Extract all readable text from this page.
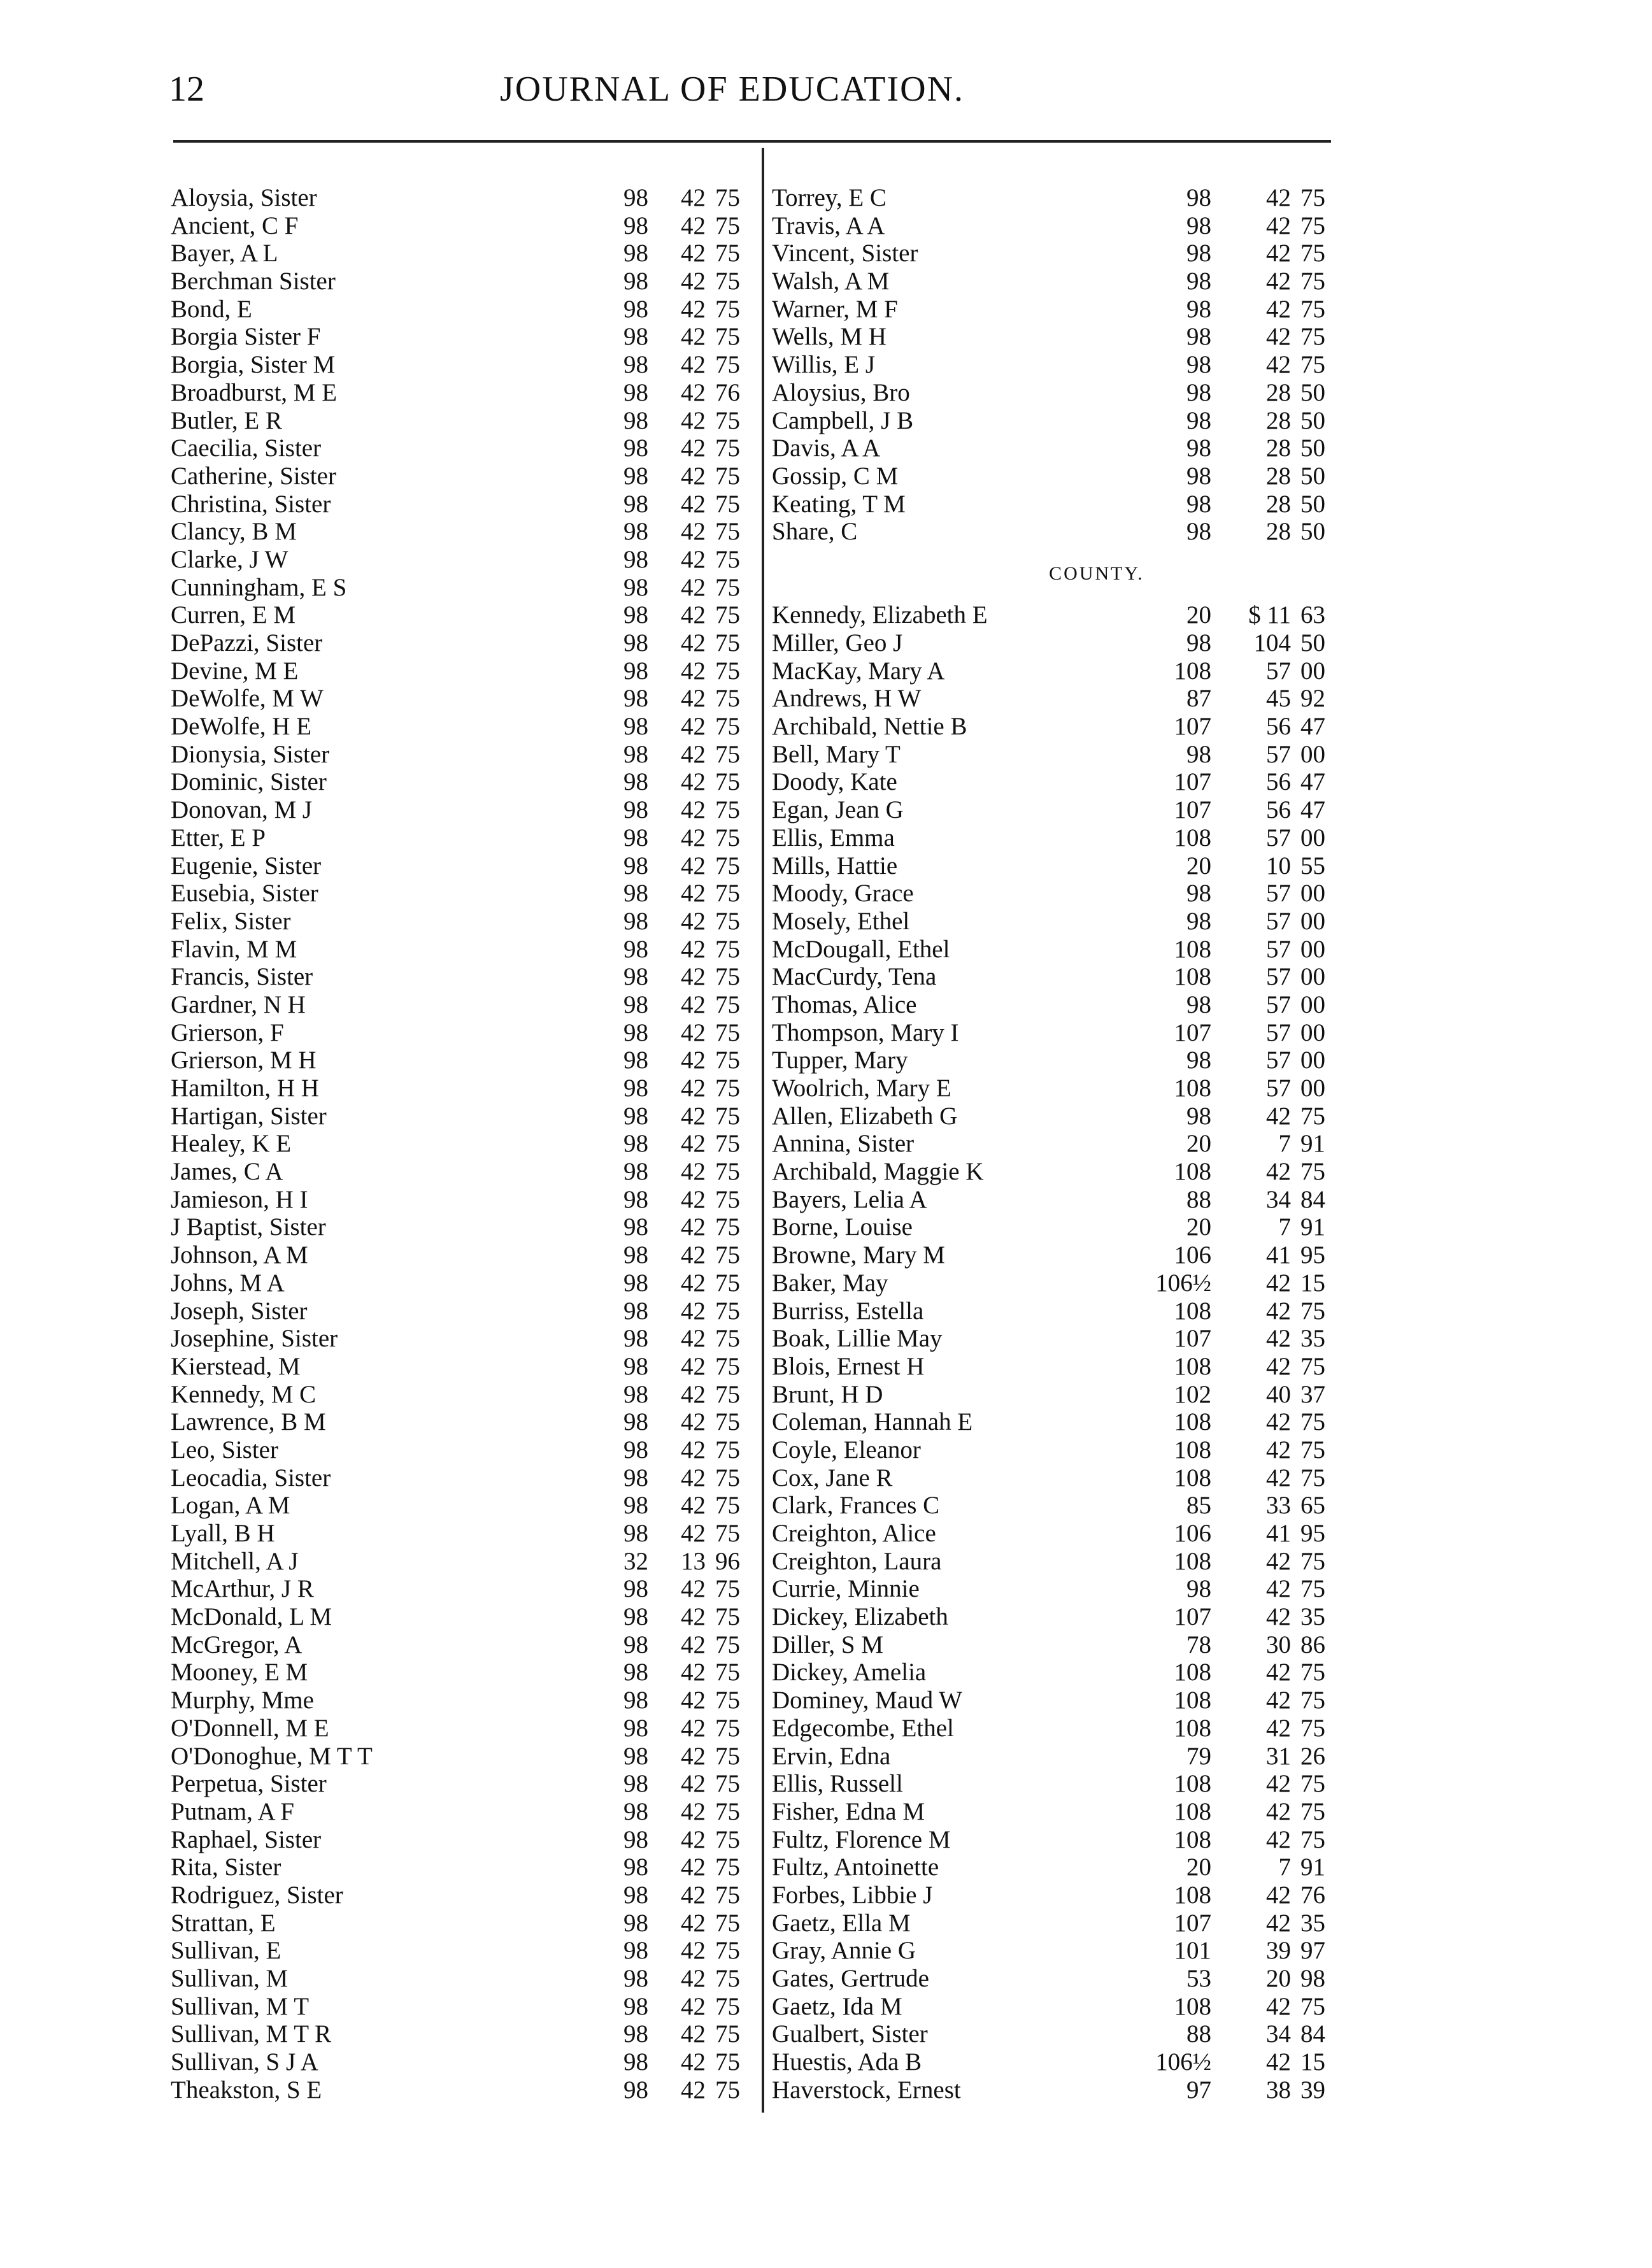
12	JOURNAL OF EDUCATION.
Aloysia, Sister	98	42 75
Ancient, C F	98	42 75
Bayer, A L	98	42 75
Berchman Sister	98	42 75
Bond, E	98	42 75
Borgia Sister F	98	42 75
Borgia, Sister M	98	42 75
Broadburst, M E	98	42 76
Butler, E R	98	42 75
Caecilia, Sister	98	42 75
Catherine, Sister	98	42 75
Christina, Sister	98	42 75
Clancy, B M	98	42 75
Clarke, J W	98	42 75
Cunningham, E S	98	42 75
Curren, E M	98	42 75
DePazzi, Sister	98	42 75
Devine, M E	98	42 75
DeWolfe, M W	98	42 75
DeWolfe, H E	98	42 75
Dionysia, Sister	98	42 75
Dominic, Sister	98	42 75
Donovan, M J	98	42 75
Etter, E P	98	42 75
Eugenie, Sister	98	42 75
Eusebia, Sister	98	42 75
Felix, Sister	98	42 75
Flavin, M M	98	42 75
Francis, Sister	98	42 75
Gardner, N H	98	42 75
Grierson, F	98	42 75
Grierson, M H	98	42 75
Hamilton, H H	98	42 75
Hartigan, Sister	98	42 75
Healey, K E	98	42 75
James, C A	98	42 75
Jamieson, H I	98	42 75
J Baptist, Sister	98	42 75
Johnson, A M	98	42 75
Johns, M A	98	42 75
Joseph, Sister	98	42 75
Josephine, Sister	98	42 75
Kierstead, M	98	42 75
Kennedy, M C	98	42 75
Lawrence, B M	98	42 75
Leo, Sister	98	42 75
Leocadia, Sister	98	42 75
Logan, A M	98	42 75
Lyall, B H	98	42 75
Mitchell, A J	32	13 96
McArthur, J R	98	42 75
McDonald, L M	98	42 75
McGregor, A	98	42 75
Mooney, E M	98	42 75
Murphy, Mme	98	42 75
O'Donnell, M E	98	42 75
O'Donoghue, M T T	98	42 75
Perpetua, Sister	98	42 75
Putnam, A F	98	42 75
Raphael, Sister	98	42 75
Rita, Sister	98	42 75
Rodriguez, Sister	98	42 75
Strattan, E	98	42 75
Sullivan, E	98	42 75
Sullivan, M	98	42 75
Sullivan, M T	98	42 75
Sullivan, M T R	98	42 75
Sullivan, S J A	98	42 75
Theakston, S E	98	42 75
Torrey, E C	98	42 75
Travis, A A	98	42 75
Vincent, Sister	98	42 75
Walsh, A M	98	42 75
Warner, M F	98	42 75
Wells, M H	98	42 75
Willis, E J	98	42 75
Aloysius, Bro	98	28 50
Campbell, J B	98	28 50
Davis, A A	98	28 50
Gossip, C M	98	28 50
Keating, T M	98	28 50
Share, C	98	28 50
COUNTY.
Kennedy, Elizabeth E	20	$ 11 63
Miller, Geo J	98	104 50
MacKay, Mary A	108	57 00
Andrews, H W	87	45 92
Archibald, Nettie B	107	56 47
Bell, Mary T	98	57 00
Doody, Kate	107	56 47
Egan, Jean G	107	56 47
Ellis, Emma	108	57 00
Mills, Hattie	20	10 55
Moody, Grace	98	57 00
Mosely, Ethel	98	57 00
McDougall, Ethel	108	57 00
MacCurdy, Tena	108	57 00
Thomas, Alice	98	57 00
Thompson, Mary I	107	57 00
Tupper, Mary	98	57 00
Woolrich, Mary E	108	57 00
Allen, Elizabeth G	98	42 75
Annina, Sister	20	7 91
Archibald, Maggie K	108	42 75
Bayers, Lelia A	88	34 84
Borne, Louise	20	7 91
Browne, Mary M	106	41 95
Baker, May	106½	42 15
Burriss, Estella	108	42 75
Boak, Lillie May	107	42 35
Blois, Ernest H	108	42 75
Brunt, H D	102	40 37
Coleman, Hannah E	108	42 75
Coyle, Eleanor	108	42 75
Cox, Jane R	108	42 75
Clark, Frances C	85	33 65
Creighton, Alice	106	41 95
Creighton, Laura	108	42 75
Currie, Minnie	98	42 75
Dickey, Elizabeth	107	42 35
Diller, S M	78	30 86
Dickey, Amelia	108	42 75
Dominey, Maud W	108	42 75
Edgecombe, Ethel	108	42 75
Ervin, Edna	79	31 26
Ellis, Russell	108	42 75
Fisher, Edna M	108	42 75
Fultz, Florence M	108	42 75
Fultz, Antoinette	20	7 91
Forbes, Libbie J	108	42 76
Gaetz, Ella M	107	42 35
Gray, Annie G	101	39 97
Gates, Gertrude	53	20 98
Gaetz, Ida M	108	42 75
Gualbert, Sister	88	34 84
Huestis, Ada B	106½	42 15
Haverstock, Ernest	97	38 39
